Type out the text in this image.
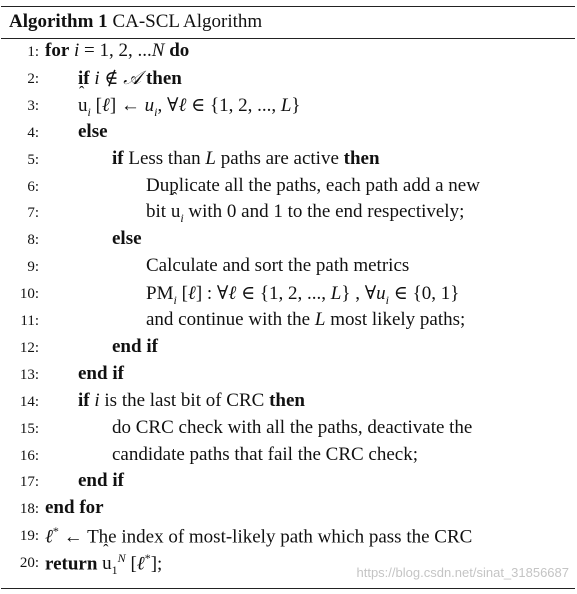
Algorithm 1 CA-SCL Algorithm
1: for i = 1, 2, ...N do
2: if i ∉ 𝒜 then
3: ˆ $u_i$ [ℓ] ← $u_i$, ∀ℓ ∈ {1, 2, ..., L}
4: else
5:	if Less than L paths are active then
6:	Duplicate all the paths, each path add a new
7:	bit ˆ $u_i$ with 0 and 1 to the end respectively;
8:	else
9:	Calculate and sort the path metrics
10:	$PM_i$ [ℓ] : ∀ℓ ∈ {1, 2, ..., L} , $\forall u_i$ ∈ {0, 1}
11:	and continue with the L most likely paths;
12:	end if
13: end if
14: if i is the last bit of CRC then
15:	do CRC check with all the paths, deactivate the
16:	candidate paths that fail the CRC check;
17: end if
18: end for
19: ℓ* ← The index of most-likely path which pass the CRC
20: return ˆ $u_1^N$ [ℓ*];	https://blog.csdn.net/sinat_31856687
